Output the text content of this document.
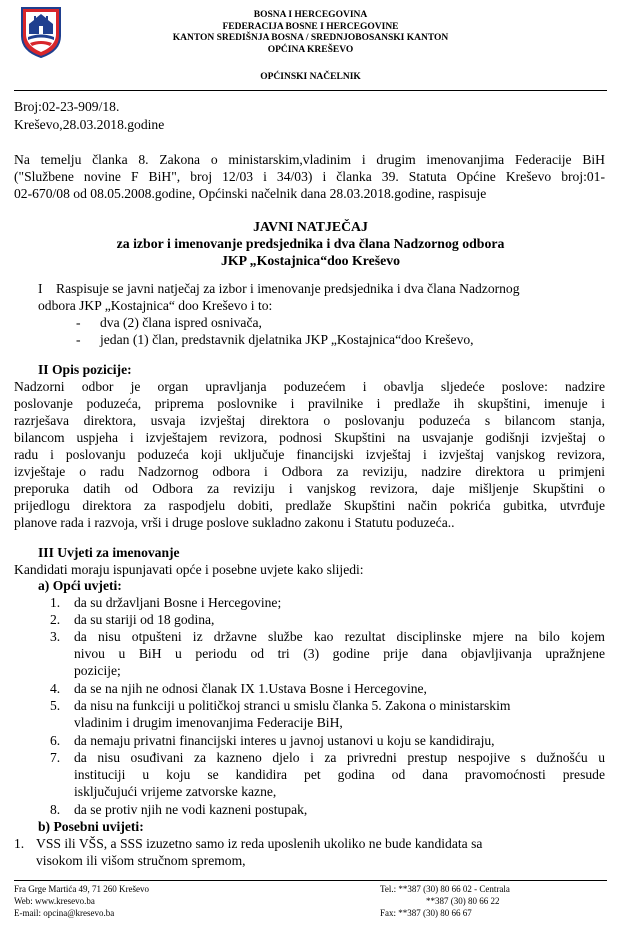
BOSNA I HERCEGOVINA
FEDERACIJA BOSNE I HERCEGOVINE
KANTON SREDIŠNJA BOSNA / SREDNJOBOSANSKI KANTON
OPĆINA KREŠEVO
OPĆINSKI NAČELNIK
Broj:02-23-909/18.
Kreševo,28.03.2018.godine
Na temelju članka 8. Zakona o ministarskim,vladinim i drugim imenovanjima Federacije BiH
("Službene novine F BiH", broj 12/03 i 34/03) i članka 39. Statuta Općine Kreševo broj:01-
02-670/08 od 08.05.2008.godine, Općinski načelnik dana 28.03.2018.godine, raspisuje
JAVNI NATJEČAJ
za izbor i imenovanje predsjednika i dva člana Nadzornog odbora
JKP „Kostajnica“doo Kreševo
I Raspisuje se javni natječaj za izbor i imenovanje predsjednika i dva člana Nadzornog
odbora JKP „Kostajnica“ doo Kreševo i to:
- dva (2) člana ispred osnivača,
- jedan (1) član, predstavnik djelatnika JKP „Kostajnica“doo Kreševo,
II Opis pozicije:
Nadzorni odbor je organ upravljanja poduzećem i obavlja sljedeće poslove: nadzire
poslovanje poduzeća, priprema poslovnike i pravilnike i predlaže ih skupštini, imenuje i
razrješava direktora, usvaja izvještaj direktora o poslovanju poduzeća s bilancom stanja,
bilancom uspjeha i izvještajem revizora, podnosi Skupštini na usvajanje godišnji izvještaj o
radu i poslovanju poduzeća koji uključuje financijski izvještaj i izvještaj vanjskog revizora,
izvještaje o radu Nadzornog odbora i Odbora za reviziju, nadzire direktora u primjeni
preporuka datih od Odbora za reviziju i vanjskog revizora, daje mišljenje Skupštini o
prijedlogu direktora za raspodjelu dobiti, predlaže Skupštini način pokrića gubitka, utvrđuje
planove rada i razvoja, vrši i druge poslove sukladno zakonu i Statutu poduzeća..
III Uvjeti za imenovanje
Kandidati moraju ispunjavati opće i posebne uvjete kako slijedi:
a) Opći uvjeti:
1. da su državljani Bosne i Hercegovine;
2. da su stariji od 18 godina,
3. da nisu otpušteni iz državne službe kao rezultat disciplinske mjere na bilo kojem
nivou u BiH u periodu od tri (3) godine prije dana objavljivanja upražnjene
pozicije;
4. da se na njih ne odnosi članak IX 1.Ustava Bosne i Hercegovine,
5. da nisu na funkciji u političkoj stranci u smislu članka 5. Zakona o ministarskim
vladinim i drugim imenovanjima Federacije BiH,
6. da nemaju privatni financijski interes u javnoj ustanovi u koju se kandidiraju,
7. da nisu osuđivani za kazneno djelo i za privredni prestup nespojive s dužnošću u
instituciji u koju se kandidira pet godina od dana pravomoćnosti presude
isključujući vrijeme zatvorske kazne,
8. da se protiv njih ne vodi kazneni postupak,
b) Posebni uvijeti:
1. VSS ili VŠS, a SSS izuzetno samo iz reda uposlenih ukoliko ne bude kandidata sa
visokom ili višom stručnom spremom,
Fra Grge Martića 49, 71 260 Kreševo
Web: www.kresevo.ba
E-mail: opcina@kresevo.ba
Tel.: **387 (30) 80 66 02 - Centrala
**387 (30) 80 66 22
Fax: **387 (30) 80 66 67
